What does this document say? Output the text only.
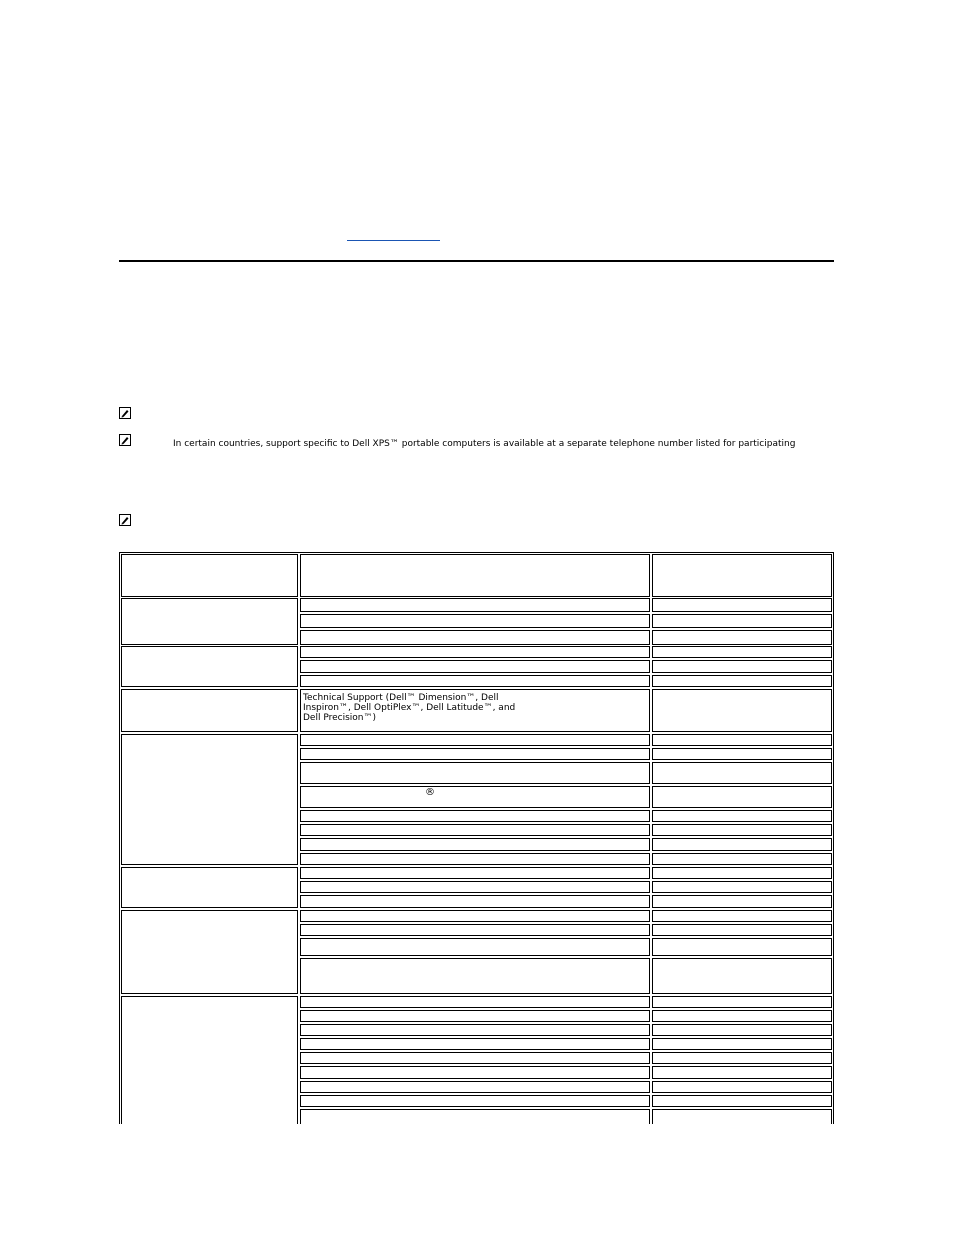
In certain countries, support specific to Dell XPS™ portable computers is available at a separate telephone number listed for participating
Technical Support (Dell™ Dimension™, Dell
Inspiron™, Dell OptiPlex™, Dell Latitude™, and
Dell Precision™)
®
